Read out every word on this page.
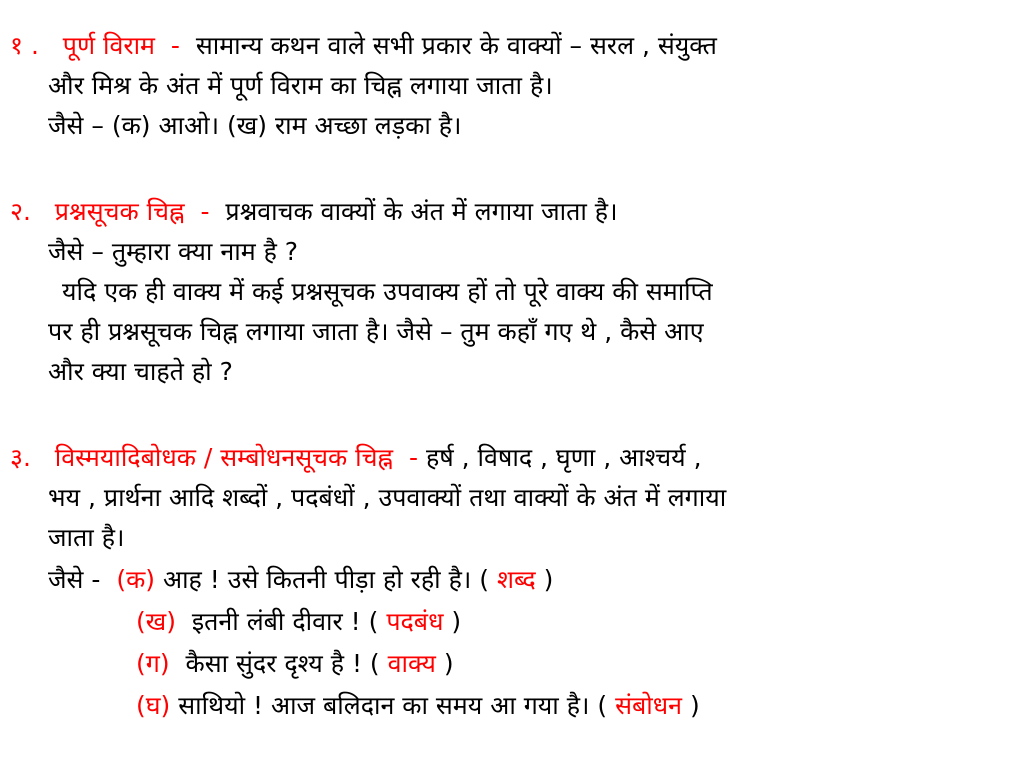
१ . पूर्ण विराम - सामान्य कथन वाले सभी प्रकार के वाक्यों – सरल , संयुक्त
और मिश्र के अंत में पूर्ण विराम का चिह्न लगाया जाता है।
जैसे – (क) आओ। (ख) राम अच्छा लड़का है।
२. प्रश्नसूचक चिह्न - प्रश्नवाचक वाक्यों के अंत में लगाया जाता है।
जैसे – तुम्हारा क्या नाम है ?
यदि एक ही वाक्य में कई प्रश्नसूचक उपवाक्य हों तो पूरे वाक्य की समाप्ति
पर ही प्रश्नसूचक चिह्न लगाया जाता है। जैसे – तुम कहाँ गए थे , कैसे आए
और क्या चाहते हो ?
३. विस्मयादिबोधक / सम्बोधनसूचक चिह्न - हर्ष , विषाद , घृणा , आश्चर्य ,
भय , प्रार्थना आदि शब्दों , पदबंधों , उपवाक्यों तथा वाक्यों के अंत में लगाया
जाता है।
जैसे - (क) आह ! उसे कितनी पीड़ा हो रही है। ( शब्द )
(ख) इतनी लंबी दीवार ! ( पदबंध )
(ग) कैसा सुंदर दृश्य है ! ( वाक्य )
(घ) साथियो ! आज बलिदान का समय आ गया है। ( संबोधन )
